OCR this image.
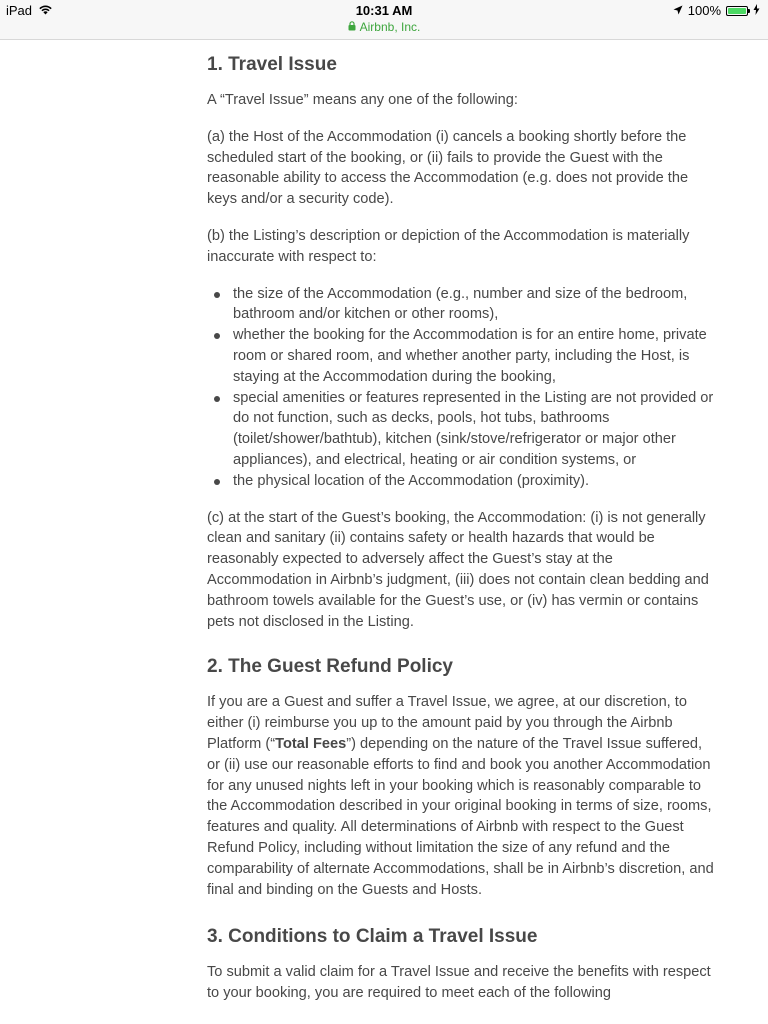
iPad	10:31 AM
Airbnb, Inc.
100%
1. Travel Issue

A “Travel Issue” means any one of the following:

(a) the Host of the Accommodation (i) cancels a booking shortly before the scheduled start of the booking, or (ii) fails to provide the Guest with the reasonable ability to access the Accommodation (e.g. does not provide the keys and/or a security code).

(b) the Listing’s description or depiction of the Accommodation is materially inaccurate with respect to:

the size of the Accommodation (e.g., number and size of the bedroom, bathroom and/or kitchen or other rooms),
whether the booking for the Accommodation is for an entire home, private room or shared room, and whether another party, including the Host, is staying at the Accommodation during the booking,
special amenities or features represented in the Listing are not provided or do not function, such as decks, pools, hot tubs, bathrooms (toilet/shower/bathtub), kitchen (sink/stove/refrigerator or major other appliances), and electrical, heating or air condition systems, or
the physical location of the Accommodation (proximity).

(c) at the start of the Guest’s booking, the Accommodation: (i) is not generally clean and sanitary (ii) contains safety or health hazards that would be reasonably expected to adversely affect the Guest’s stay at the Accommodation in Airbnb’s judgment, (iii) does not contain clean bedding and bathroom towels available for the Guest’s use, or (iv) has vermin or contains pets not disclosed in the Listing.

2. The Guest Refund Policy

If you are a Guest and suffer a Travel Issue, we agree, at our discretion, to either (i) reimburse you up to the amount paid by you through the Airbnb Platform (“Total Fees”) depending on the nature of the Travel Issue suffered, or (ii) use our reasonable efforts to find and book you another Accommodation for any unused nights left in your booking which is reasonably comparable to the Accommodation described in your original booking in terms of size, rooms, features and quality. All determinations of Airbnb with respect to the Guest Refund Policy, including without limitation the size of any refund and the comparability of alternate Accommodations, shall be in Airbnb’s discretion, and final and binding on the Guests and Hosts.

3. Conditions to Claim a Travel Issue

To submit a valid claim for a Travel Issue and receive the benefits with respect to your booking, you are required to meet each of the following
